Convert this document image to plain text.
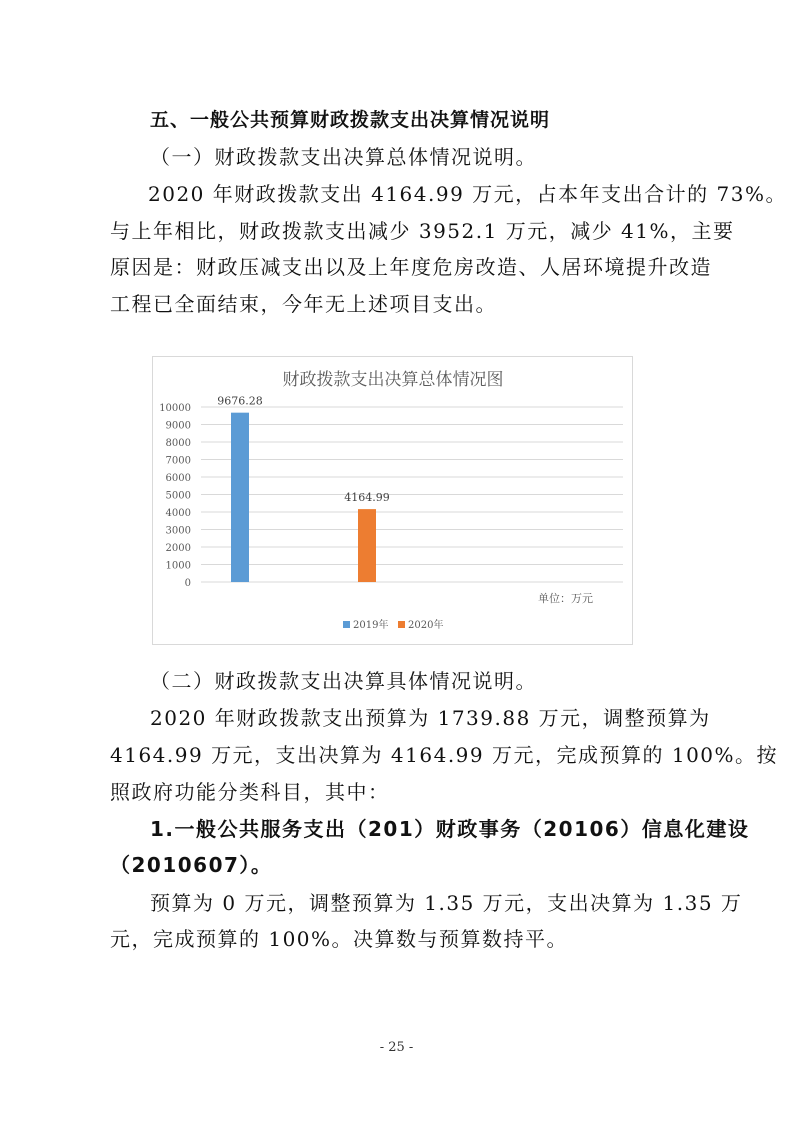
五、一般公共预算财政拨款支出决算情况说明
（一）财政拨款支出决算总体情况说明。
2020 年财政拨款支出 4164.99 万元，占本年支出合计的 73%。
与上年相比，财政拨款支出减少 3952.1 万元，减少 41%，主要
原因是：财政压减支出以及上年度危房改造、人居环境提升改造
工程已全面结束，今年无上述项目支出。
财政拨款支出决算总体情况图
0
1000
2000
3000
4000
5000
6000
7000
8000
9000
10000
9676.28
4164.99
单位：万元
2019年 2020年
（二）财政拨款支出决算具体情况说明。
2020 年财政拨款支出预算为 1739.88 万元，调整预算为
4164.99 万元，支出决算为 4164.99 万元，完成预算的 100%。按
照政府功能分类科目，其中：
1.一般公共服务支出（201）财政事务（20106）信息化建设
（2010607）。
预算为 0 万元，调整预算为 1.35 万元，支出决算为 1.35 万
元，完成预算的 100%。决算数与预算数持平。
- 25 -
